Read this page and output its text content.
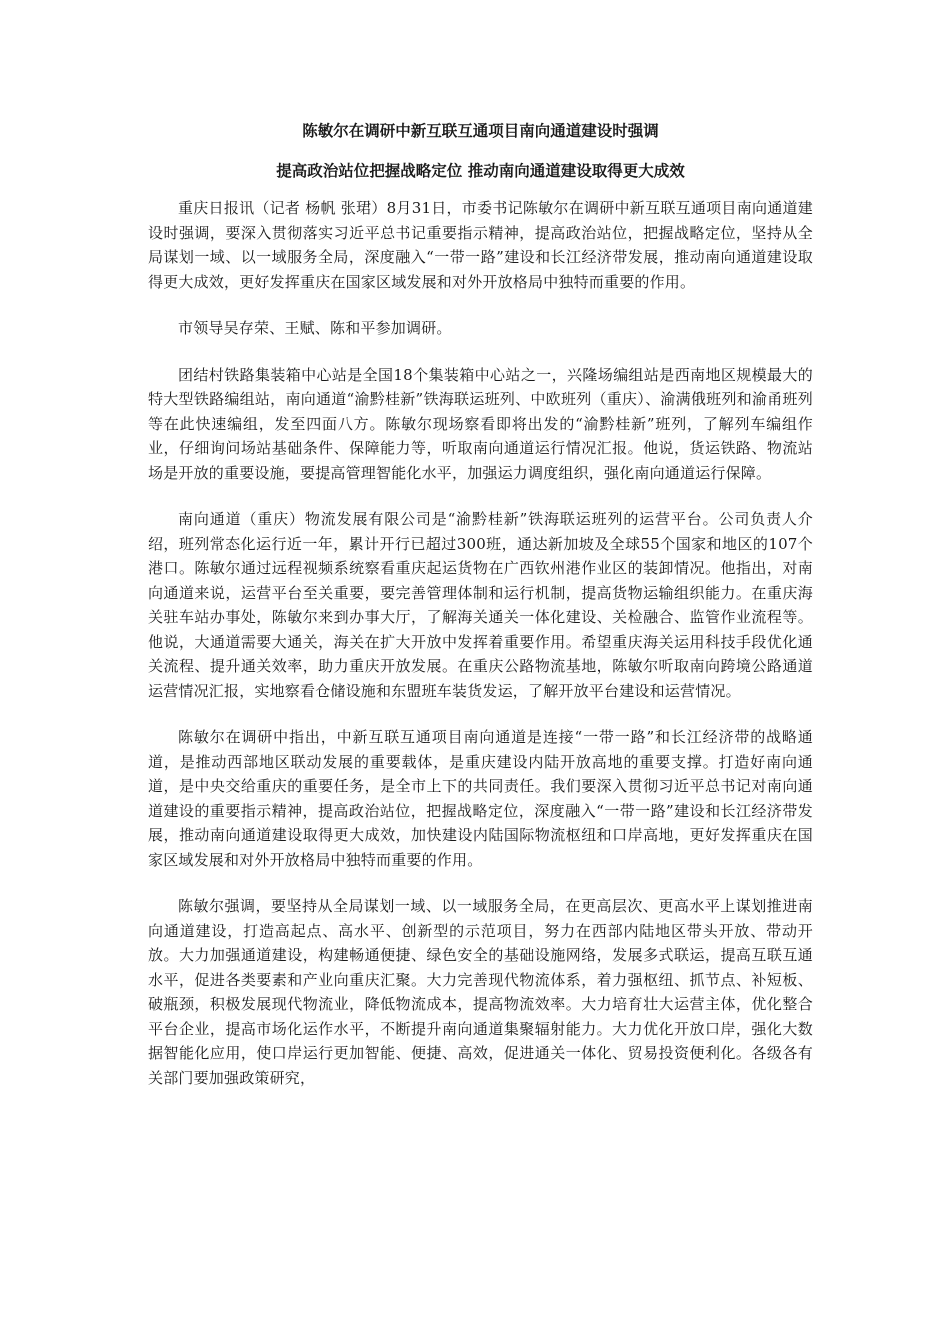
陈敏尔在调研中新互联互通项目南向通道建设时强调
提高政治站位把握战略定位 推动南向通道建设取得更大成效

重庆日报讯（记者 杨帆 张珺）8月31日，市委书记陈敏尔在调研中新互联互通项目南向通道建设时强调，要深入贯彻落实习近平总书记重要指示精神，提高政治站位，把握战略定位，坚持从全局谋划一域、以一域服务全局，深度融入“一带一路”建设和长江经济带发展，推动南向通道建设取得更大成效，更好发挥重庆在国家区域发展和对外开放格局中独特而重要的作用。

市领导吴存荣、王赋、陈和平参加调研。

团结村铁路集装箱中心站是全国18个集装箱中心站之一，兴隆场编组站是西南地区规模最大的特大型铁路编组站，南向通道“渝黔桂新”铁海联运班列、中欧班列（重庆）、渝满俄班列和渝甬班列等在此快速编组，发至四面八方。陈敏尔现场察看即将出发的“渝黔桂新”班列，了解列车编组作业，仔细询问场站基础条件、保障能力等，听取南向通道运行情况汇报。他说，货运铁路、物流站场是开放的重要设施，要提高管理智能化水平，加强运力调度组织，强化南向通道运行保障。

南向通道（重庆）物流发展有限公司是“渝黔桂新”铁海联运班列的运营平台。公司负责人介绍，班列常态化运行近一年，累计开行已超过300班，通达新加坡及全球55个国家和地区的107个港口。陈敏尔通过远程视频系统察看重庆起运货物在广西钦州港作业区的装卸情况。他指出，对南向通道来说，运营平台至关重要，要完善管理体制和运行机制，提高货物运输组织能力。在重庆海关驻车站办事处，陈敏尔来到办事大厅，了解海关通关一体化建设、关检融合、监管作业流程等。他说，大通道需要大通关，海关在扩大开放中发挥着重要作用。希望重庆海关运用科技手段优化通关流程、提升通关效率，助力重庆开放发展。在重庆公路物流基地，陈敏尔听取南向跨境公路通道运营情况汇报，实地察看仓储设施和东盟班车装货发运，了解开放平台建设和运营情况。

陈敏尔在调研中指出，中新互联互通项目南向通道是连接“一带一路”和长江经济带的战略通道，是推动西部地区联动发展的重要载体，是重庆建设内陆开放高地的重要支撑。打造好南向通道，是中央交给重庆的重要任务，是全市上下的共同责任。我们要深入贯彻习近平总书记对南向通道建设的重要指示精神，提高政治站位，把握战略定位，深度融入“一带一路”建设和长江经济带发展，推动南向通道建设取得更大成效，加快建设内陆国际物流枢纽和口岸高地，更好发挥重庆在国家区域发展和对外开放格局中独特而重要的作用。

陈敏尔强调，要坚持从全局谋划一域、以一域服务全局，在更高层次、更高水平上谋划推进南向通道建设，打造高起点、高水平、创新型的示范项目，努力在西部内陆地区带头开放、带动开放。大力加强通道建设，构建畅通便捷、绿色安全的基础设施网络，发展多式联运，提高互联互通水平，促进各类要素和产业向重庆汇聚。大力完善现代物流体系，着力强枢纽、抓节点、补短板、破瓶颈，积极发展现代物流业，降低物流成本，提高物流效率。大力培育壮大运营主体，优化整合平台企业，提高市场化运作水平，不断提升南向通道集聚辐射能力。大力优化开放口岸，强化大数据智能化应用，使口岸运行更加智能、便捷、高效，促进通关一体化、贸易投资便利化。各级各有关部门要加强政策研究，
